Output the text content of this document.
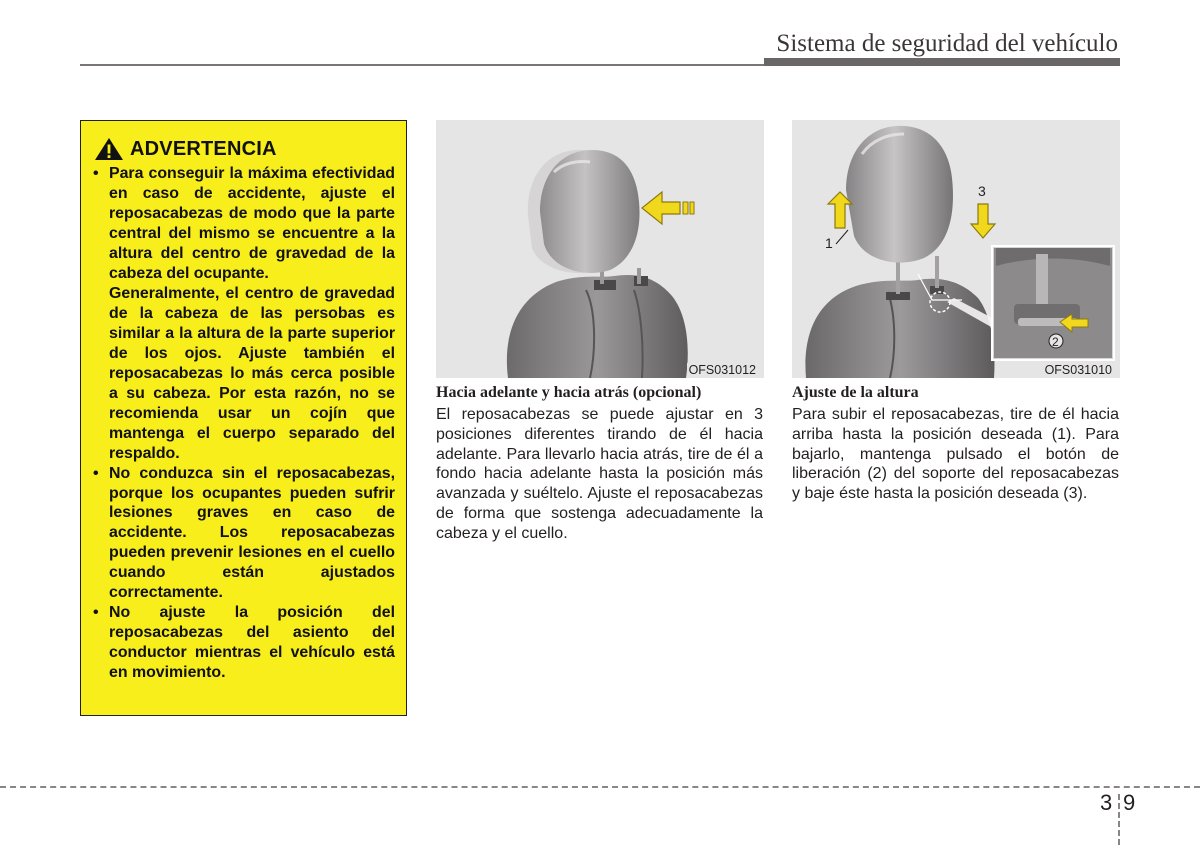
Sistema de seguridad del vehículo
ADVERTENCIA

• Para conseguir la máxima efectividad en caso de accidente, ajuste el reposacabezas de modo que la parte central del mismo se encuentre a la altura del centro de gravedad de la cabeza del ocupante.

Generalmente, el centro de gravedad de la cabeza de las persobas es similar a la altura de la parte superior de los ojos. Ajuste también el reposacabezas lo más cerca posible a su cabeza. Por esta razón, no se recomienda usar un cojín que mantenga el cuerpo separado del respaldo.

• No conduzca sin el reposacabezas, porque los ocupantes pueden sufrir lesiones graves en caso de accidente. Los reposacabezas pueden prevenir lesiones en el cuello cuando están ajustados correctamente.

• No ajuste la posición del reposacabezas del asiento del conductor mientras el vehículo está en movimiento.

OFS031012
1
3
2
OFS031010
Hacia adelante y hacia atrás (opcional)
El reposacabezas se puede ajustar en 3 posiciones diferentes tirando de él hacia adelante. Para llevarlo hacia atrás, tire de él a fondo hacia adelante hasta la posición más avanzada y suéltelo. Ajuste el reposacabezas de forma que sostenga adecuadamente la cabeza y el cuello.
Ajuste de la altura
Para subir el reposacabezas, tire de él hacia arriba hasta la posición deseada (1). Para bajarlo, mantenga pulsado el botón de liberación (2) del soporte del reposacabezas y baje éste hasta la posición deseada (3).
3 9
